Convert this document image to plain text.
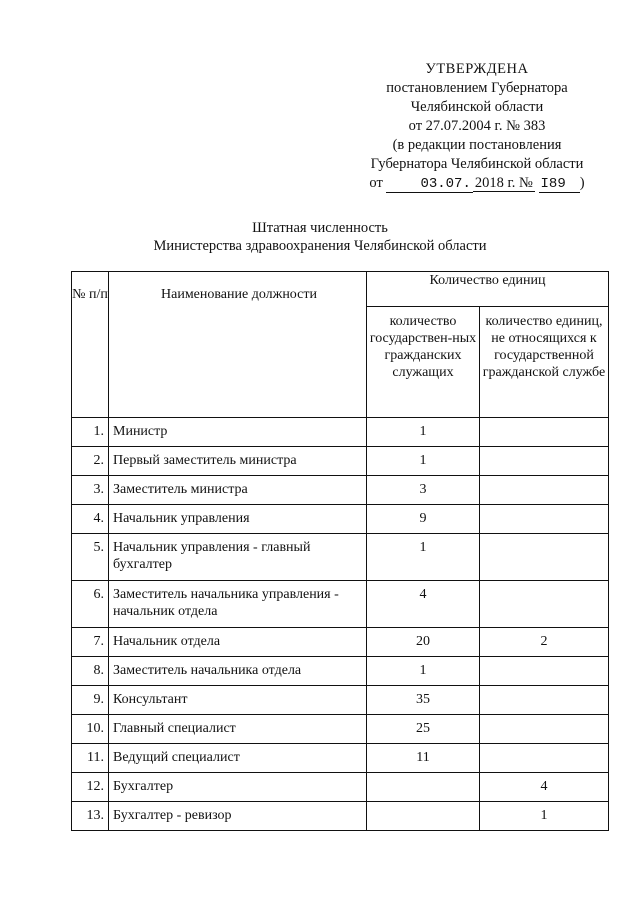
УТВЕРЖДЕНА
постановлением Губернатора
Челябинской области
от 27.07.2004 г. № 383
(в редакции постановления
Губернатора Челябинской области
от	03.07. 2018 г. № I89 )
Штатная численность
Министерства здравоохранения Челябинской области
№ п/п	Наименование должности	Количество единиц	
		количество государствен-ных гражданских служащих	количество единиц, не относящихся к государственной гражданской службе
1.	Министр	1	
2.	Первый заместитель министра	1	
3.	Заместитель министра	3	
4.	Начальник управления	9	
5.	Начальник управления - главный бухгалтер	1	
6.	Заместитель начальника управления - начальник отдела	4	
7.	Начальник отдела	20	2
8.	Заместитель начальника отдела	1	
9.	Консультант	35	
10.	Главный специалист	25	
11.	Ведущий специалист	11	
12.	Бухгалтер		4
13.	Бухгалтер - ревизор		1
